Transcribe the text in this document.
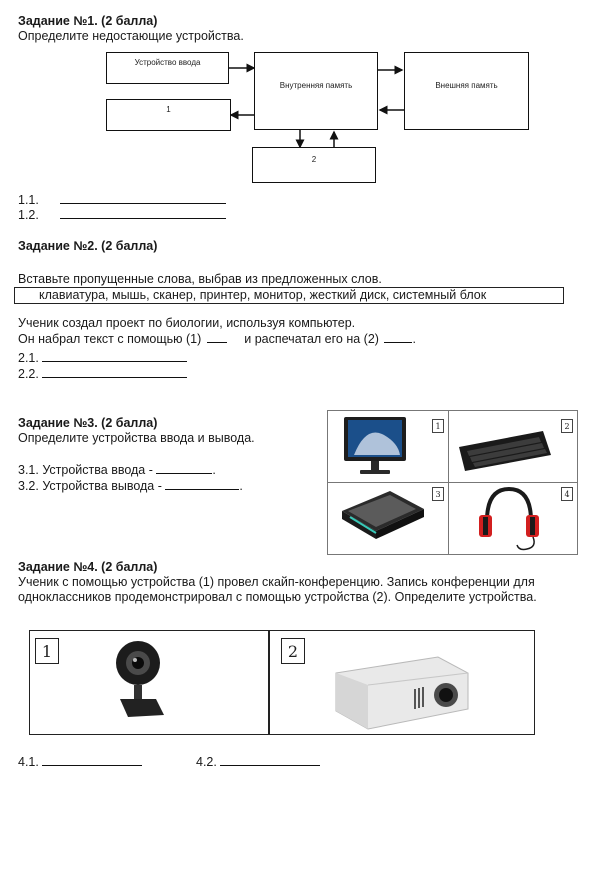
Задание №1. (2 балла)
Определите недостающие устройства.
Устройство ввода
Внутренняя память	Внешняя память
1
2
1.1.
1.2.
Задание №2. (2 балла)
Вставьте пропущенные слова, выбрав из предложенных слов.
клавиатура, мышь, сканер, принтер, монитор, жесткий диск, системный блок
Ученик создал проект по биологии, используя компьютер.
Он набрал текст с помощью (1)	и распечатал его на (2)	.
2.1.
2.2.
Задание №3. (2 балла)
Определите устройства ввода и вывода.
3.1. Устройства ввода -	.
3.2. Устройства вывода -	.
1	2
3	4
Задание №4. (2 балла)
Ученик с помощью устройства (1) провел скайп-конференцию. Запись конференции для
одноклассников продемонстрировал с помощью устройства (2). Определите устройства.
1	2
4.1.	4.2.
